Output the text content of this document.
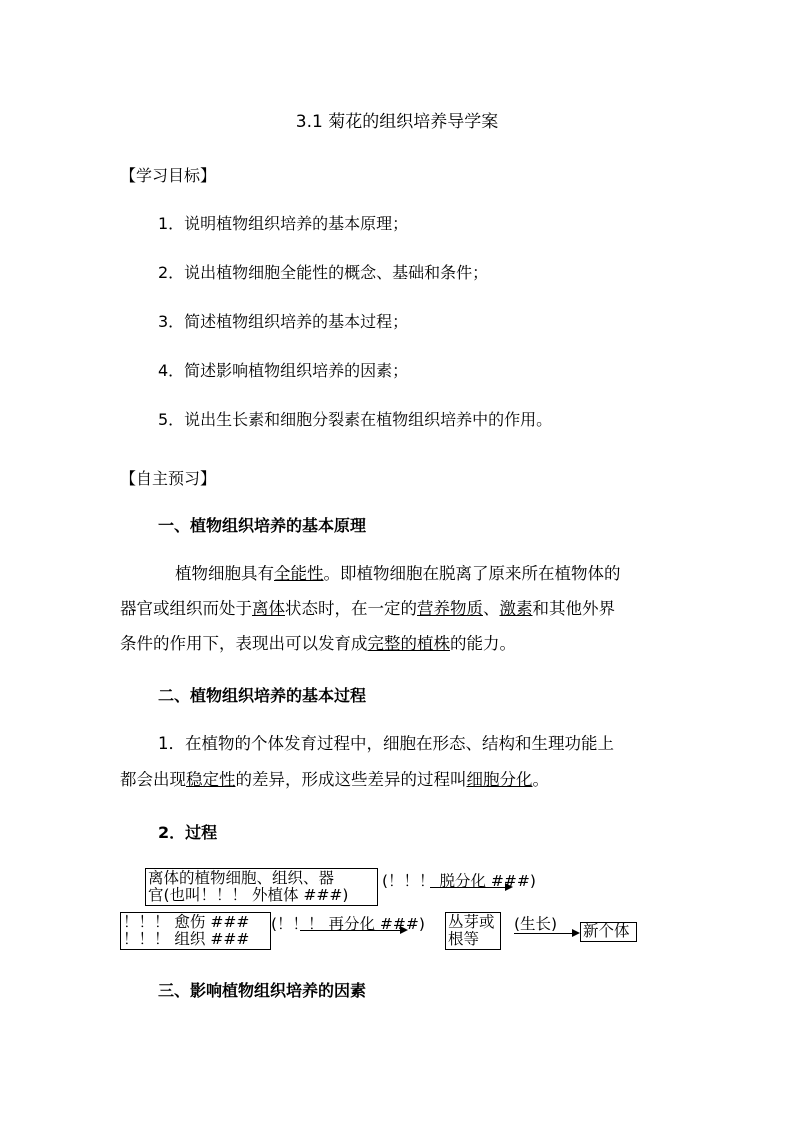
3.1 菊花的组织培养导学案
【学习目标】
1．说明植物组织培养的基本原理；
2．说出植物细胞全能性的概念、基础和条件；
3．简述植物组织培养的基本过程；
4．简述影响植物组织培养的因素；
5．说出生长素和细胞分裂素在植物组织培养中的作用。
【自主预习】
一、植物组织培养的基本原理
植物细胞具有全能性。即植物细胞在脱离了原来所在植物体的
器官或组织而处于离体状态时，在一定的营养物质、激素和其他外界
条件的作用下，表现出可以发育成完整的植株的能力。
二、植物组织培养的基本过程
1．在植物的个体发育过程中，细胞在形态、结构和生理功能上
都会出现稳定性的差异，形成这些差异的过程叫细胞分化。
2．过程
离体的植物细胞、组织、器
官(也叫！！！ 外植体 ###)
(！！！ 脱分化 ###)
！！！ 愈伤 ###
！！！ 组织 ###
(！！！ 再分化 ###) 丛芽或
根等
(生长) 新个体
三、影响植物组织培养的因素
